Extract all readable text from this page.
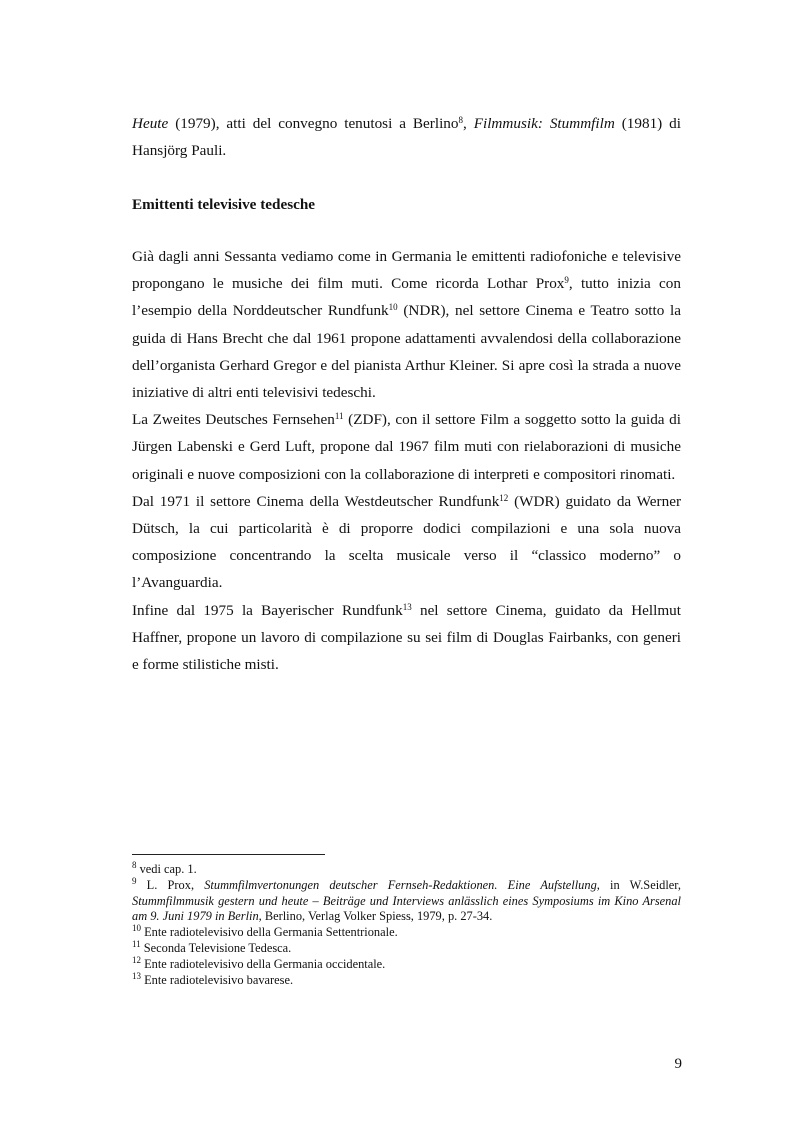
Heute (1979), atti del convegno tenutosi a Berlino$^8$, Filmmusik: Stummfilm (1981) di Hansjörg Pauli.
Emittenti televisive tedesche

Già dagli anni Sessanta vediamo come in Germania le emittenti radiofoniche e televisive propongano le musiche dei film muti. Come ricorda Lothar Prox$^9$, tutto inizia con l’esempio della Norddeutscher Rundfunk$^{10}$ (NDR), nel settore Cinema e Teatro sotto la guida di Hans Brecht che dal 1961 propone adattamenti avvalendosi della collaborazione dell’organista Gerhard Gregor e del pianista Arthur Kleiner. Si apre così la strada a nuove iniziative di altri enti televisivi tedeschi.

La Zweites Deutsches Fernsehen$^{11}$ (ZDF), con il settore Film a soggetto sotto la guida di Jürgen Labenski e Gerd Luft, propone dal 1967 film muti con rielaborazioni di musiche originali e nuove composizioni con la collaborazione di interpreti e compositori rinomati.

Dal 1971 il settore Cinema della Westdeutscher Rundfunk$^{12}$ (WDR) guidato da Werner Dütsch, la cui particolarità è di proporre dodici compilazioni e una sola nuova composizione concentrando la scelta musicale verso il “classico moderno” o l’Avanguardia.

Infine dal 1975 la Bayerischer Rundfunk$^{13}$ nel settore Cinema, guidato da Hellmut Haffner, propone un lavoro di compilazione su sei film di Douglas Fairbanks, con generi e forme stilistiche misti.

$^8$ vedi cap. 1.

$^9$ L. Prox, Stummfilmvertonungen deutscher Fernseh-Redaktionen. Eine Aufstellung, in W.Seidler, Stummfilmmusik gestern und heute – Beiträge und Interviews anlässlich eines Symposiums im Kino Arsenal am 9. Juni 1979 in Berlin, Berlino, Verlag Volker Spiess, 1979, p. 27-34.

$^{10}$ Ente radiotelevisivo della Germania Settentrionale.

$^{11}$ Seconda Televisione Tedesca.

$^{12}$ Ente radiotelevisivo della Germania occidentale.

$^{13}$ Ente radiotelevisivo bavarese.

9
